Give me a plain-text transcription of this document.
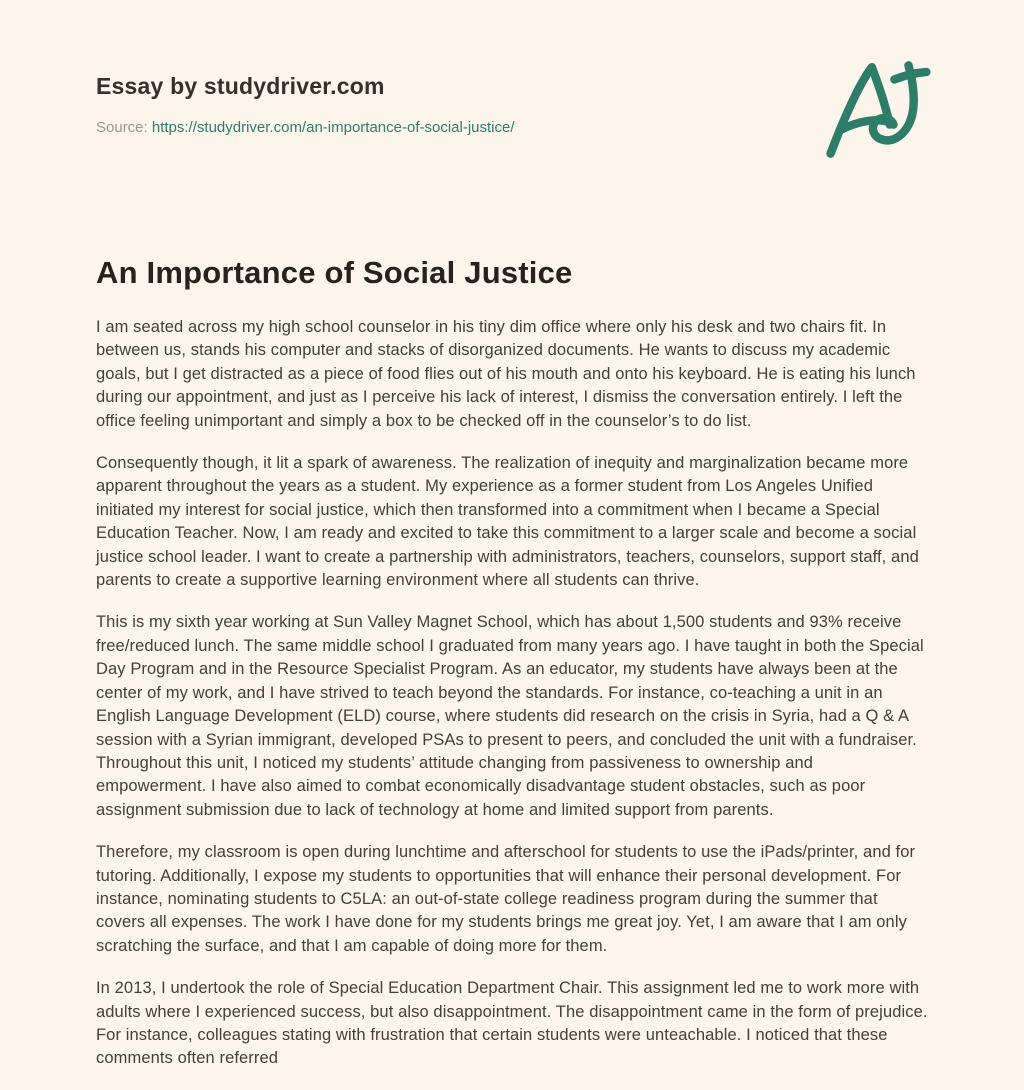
Essay by studydriver.com

Source: https://studydriver.com/an-importance-of-social-justice/

An Importance of Social Justice

I am seated across my high school counselor in his tiny dim office where only his desk and two chairs fit. In between us, stands his computer and stacks of disorganized documents. He wants to discuss my academic goals, but I get distracted as a piece of food flies out of his mouth and onto his keyboard. He is eating his lunch during our appointment, and just as I perceive his lack of interest, I dismiss the conversation entirely. I left the office feeling unimportant and simply a box to be checked off in the counselor’s to do list.

Consequently though, it lit a spark of awareness. The realization of inequity and marginalization became more apparent throughout the years as a student. My experience as a former student from Los Angeles Unified initiated my interest for social justice, which then transformed into a commitment when I became a Special Education Teacher. Now, I am ready and excited to take this commitment to a larger scale and become a social justice school leader. I want to create a partnership with administrators, teachers, counselors, support staff, and parents to create a supportive learning environment where all students can thrive.

This is my sixth year working at Sun Valley Magnet School, which has about 1,500 students and 93% receive free/reduced lunch. The same middle school I graduated from many years ago. I have taught in both the Special Day Program and in the Resource Specialist Program. As an educator, my students have always been at the center of my work, and I have strived to teach beyond the standards. For instance, co-teaching a unit in an English Language Development (ELD) course, where students did research on the crisis in Syria, had a Q & A session with a Syrian immigrant, developed PSAs to present to peers, and concluded the unit with a fundraiser. Throughout this unit, I noticed my students’ attitude changing from passiveness to ownership and empowerment. I have also aimed to combat economically disadvantage student obstacles, such as poor assignment submission due to lack of technology at home and limited support from parents.

Therefore, my classroom is open during lunchtime and afterschool for students to use the iPads/printer, and for tutoring. Additionally, I expose my students to opportunities that will enhance their personal development. For instance, nominating students to C5LA: an out-of-state college readiness program during the summer that covers all expenses. The work I have done for my students brings me great joy. Yet, I am aware that I am only scratching the surface, and that I am capable of doing more for them.

In 2013, I undertook the role of Special Education Department Chair. This assignment led me to work more with adults where I experienced success, but also disappointment. The disappointment came in the form of prejudice. For instance, colleagues stating with frustration that certain students were unteachable. I noticed that these comments often referred
